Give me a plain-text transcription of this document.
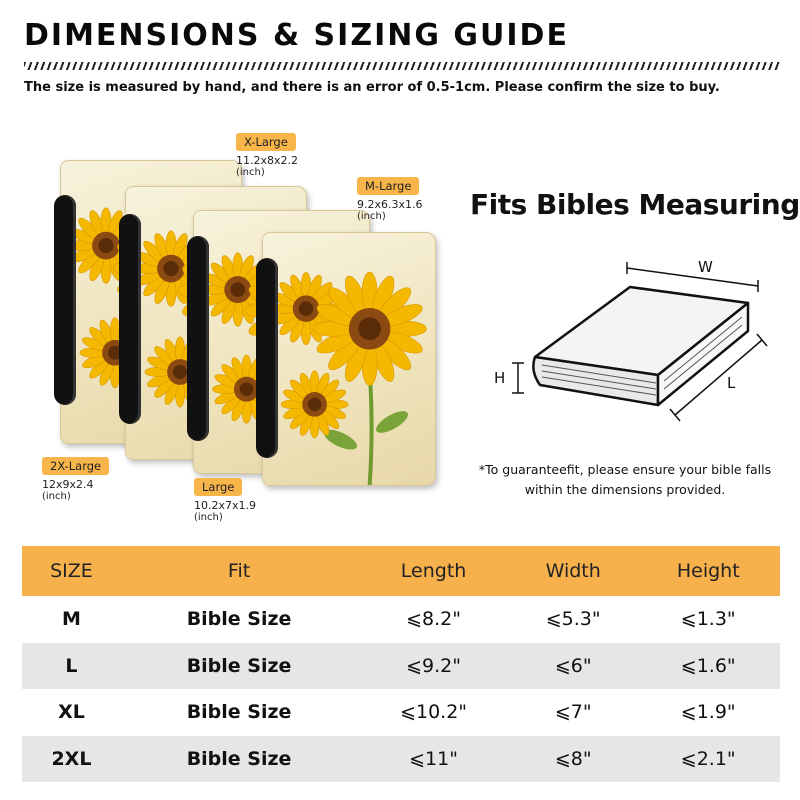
DIMENSIONS & SIZING GUIDE
The size is measured by hand, and there is an error of 0.5-1cm. Please confirm the size to buy.
X-Large
11.2x8x2.2
(inch)
M-Large
9.2x6.3x1.6
(inch)
2X-Large
12x9x2.4
(inch)
Large
10.2x7x1.9
(inch)
Fits Bibles Measuring
W
L
H
*To guaranteefit, please ensure your bible falls within the dimensions provided.
SIZE	Fit	Length	Width	Height
M	Bible Size	⩽8.2"	⩽5.3"	⩽1.3"
L	Bible Size	⩽9.2"	⩽6"	⩽1.6"
XL	Bible Size	⩽10.2"	⩽7"	⩽1.9"
2XL	Bible Size	⩽11"	⩽8"	⩽2.1"
